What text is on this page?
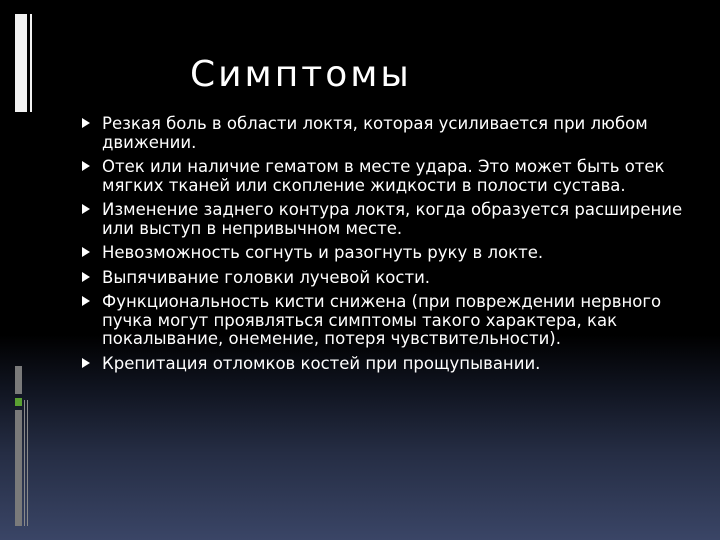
Симптомы
Резкая боль в области локтя, которая усиливается при любом движении.
Отек или наличие гематом в месте удара. Это может быть отек мягких тканей или скопление жидкости в полости сустава.
Изменение заднего контура локтя, когда образуется расширение или выступ в непривычном месте.
Невозможность согнуть и разогнуть руку в локте.
Выпячивание головки лучевой кости.
Функциональность кисти снижена (при повреждении нервного пучка могут проявляться симптомы такого характера, как покалывание, онемение, потеря чувствительности).
Крепитация отломков костей при прощупывании.
